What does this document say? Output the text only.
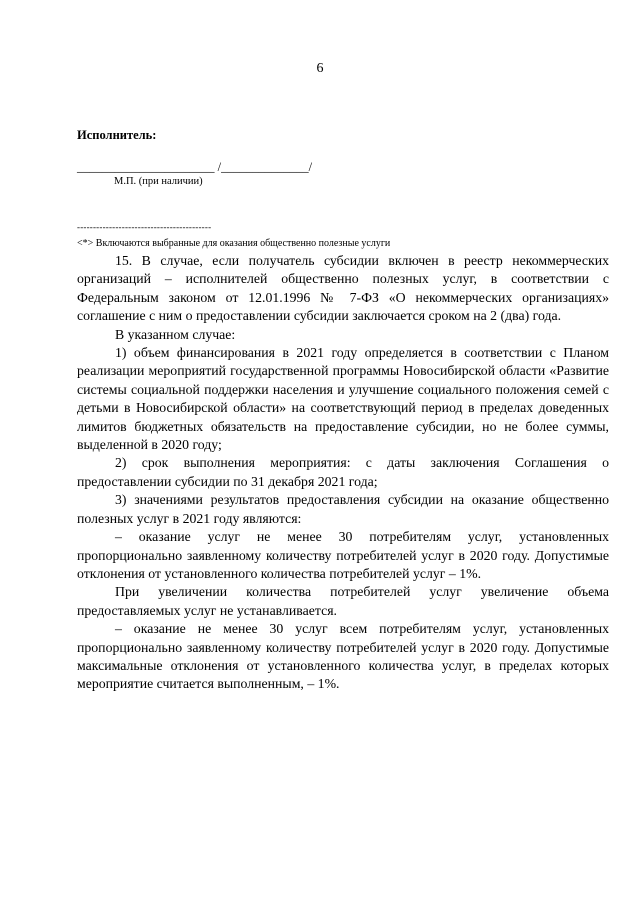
6
Исполнитель:
______________________ /______________/
М.П. (при наличии)
------------------------------------------
<*> Включаются выбранные для оказания общественно полезные услуги

15. В случае, если получатель субсидии включен в реестр некоммерческих организаций – исполнителей общественно полезных услуг, в соответствии с Федеральным законом от 12.01.1996 № 7-ФЗ «О некоммерческих организациях» соглашение с ним о предоставлении субсидии заключается сроком на 2 (два) года.

В указанном случае:

1) объем финансирования в 2021 году определяется в соответствии с Планом реализации мероприятий государственной программы Новосибирской области «Развитие системы социальной поддержки населения и улучшение социального положения семей с детьми в Новосибирской области» на соответствующий период в пределах доведенных лимитов бюджетных обязательств на предоставление субсидии, но не более суммы, выделенной в 2020 году;

2) срок выполнения мероприятия: с даты заключения Соглашения о предоставлении субсидии по 31 декабря 2021 года;

3) значениями результатов предоставления субсидии на оказание общественно полезных услуг в 2021 году являются:

– оказание услуг не менее 30 потребителям услуг, установленных пропорционально заявленному количеству потребителей услуг в 2020 году. Допустимые отклонения от установленного количества потребителей услуг – 1%.

При увеличении количества потребителей услуг увеличение объема предоставляемых услуг не устанавливается.

– оказание не менее 30 услуг всем потребителям услуг, установленных пропорционально заявленному количеству потребителей услуг в 2020 году. Допустимые максимальные отклонения от установленного количества услуг, в пределах которых мероприятие считается выполненным, – 1%.
